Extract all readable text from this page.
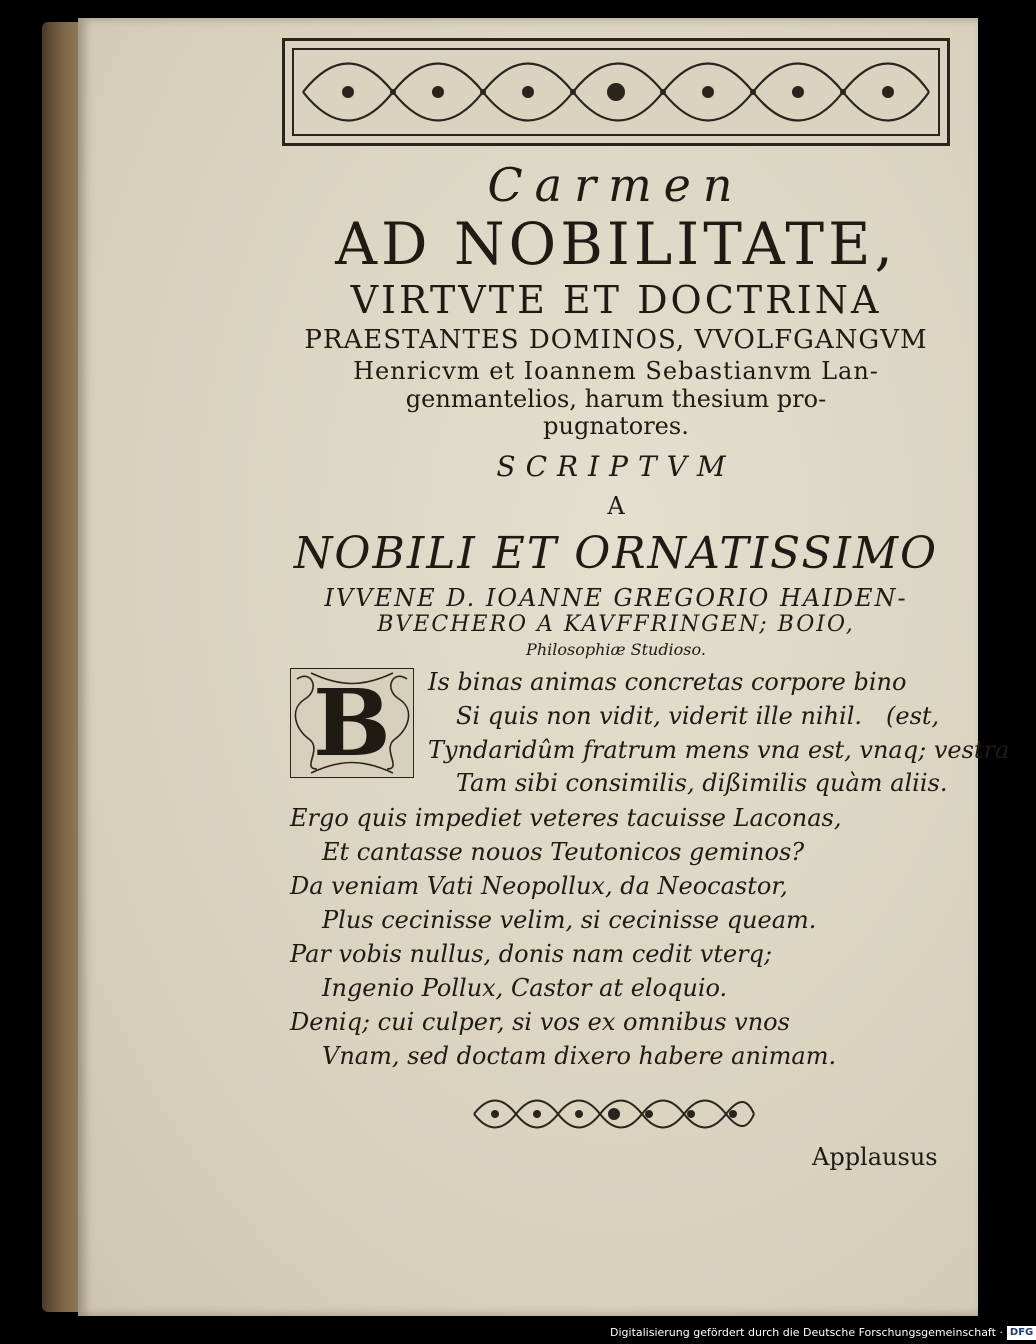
Carmen
AD NOBILITATE,
VIRTVTE ET DOCTRINA
PRAESTANTES DOMINOS, VVOLFGANGVM
Henricvm et Ioannem Sebastianvm Lan-
genmantelios, harum thesium pro-
pugnatores.
SCRIPTVM
A
NOBILI ET ORNATISSIMO
IVVENE D. IOANNE GREGORIO HAIDEN-
BVECHERO A KAVFFRINGEN; BOIO,
Philosophiæ Studioso.
B Is binas animas concretas corpore bino
Si quis non vidit, viderit ille nihil. (est,
Tyndaridûm fratrum mens vna est, vnaq; vestra
Tam sibi consimilis, dißimilis quàm aliis.
Ergo quis impediet veteres tacuisse Laconas,
Et cantasse nouos Teutonicos geminos?
Da veniam Vati Neopollux, da Neocastor,
Plus cecinisse velim, si cecinisse queam.
Par vobis nullus, donis nam cedit vterq;
Ingenio Pollux, Castor at eloquio.
Deniq; cui culper, si vos ex omnibus vnos
Vnam, sed doctam dixero habere animam.
Applausus
Digitalisierung gefördert durch die Deutsche Forschungsgemeinschaft · DFG
